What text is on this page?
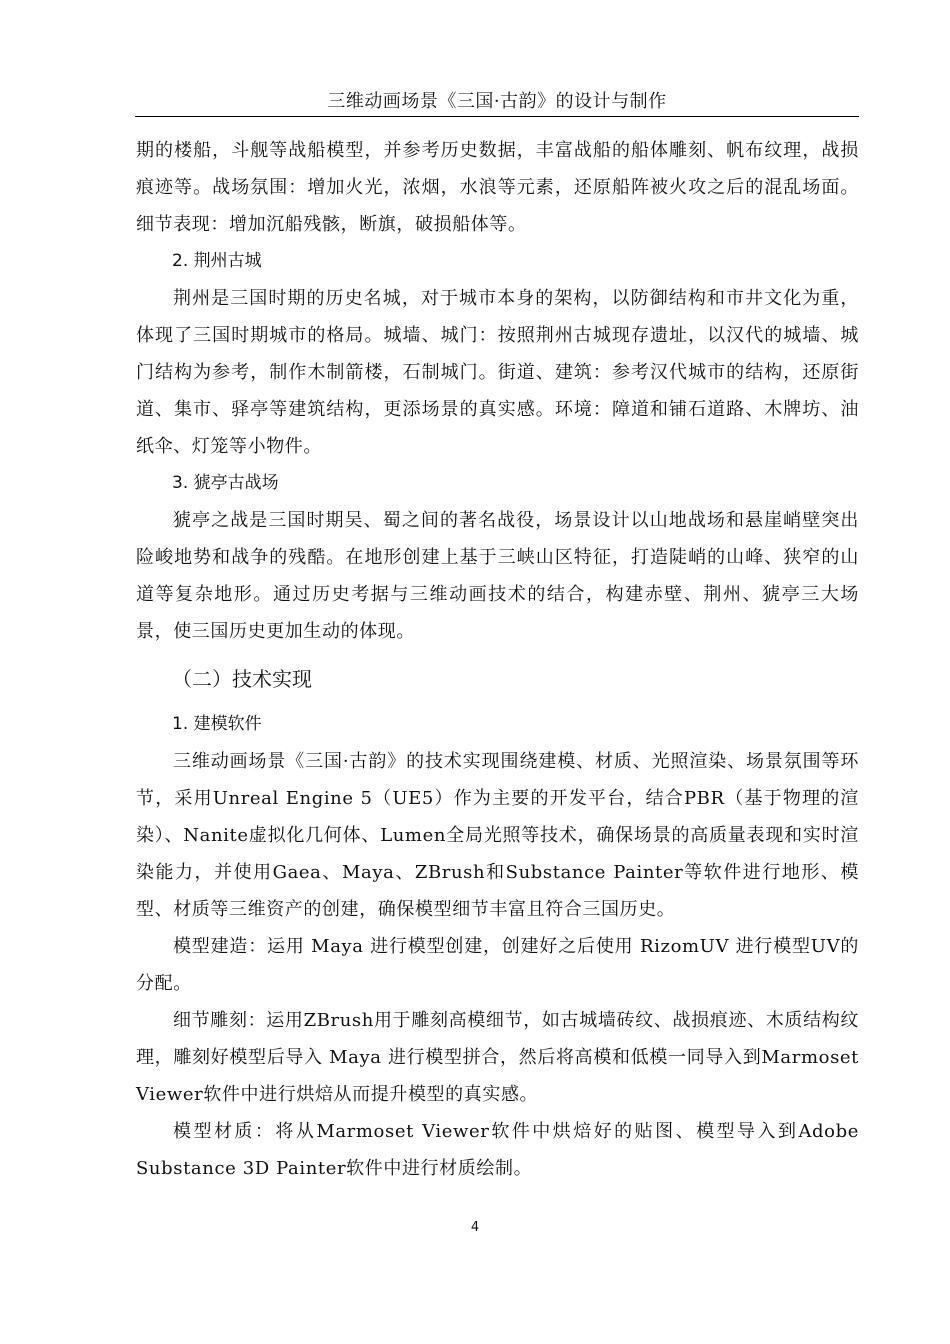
三维动画场景《三国·古韵》的设计与制作

期的楼船，斗舰等战船模型，并参考历史数据，丰富战船的船体雕刻、帆布纹理，战损痕迹等。战场氛围：增加火光，浓烟，水浪等元素，还原船阵被火攻之后的混乱场面。细节表现：增加沉船残骸，断旗，破损船体等。

2. 荆州古城

荆州是三国时期的历史名城，对于城市本身的架构，以防御结构和市井文化为重，体现了三国时期城市的格局。城墙、城门：按照荆州古城现存遗址，以汉代的城墙、城门结构为参考，制作木制箭楼，石制城门。街道、建筑：参考汉代城市的结构，还原街道、集市、驿亭等建筑结构，更添场景的真实感。环境：障道和铺石道路、木牌坊、油纸伞、灯笼等小物件。

3. 猇亭古战场

猇亭之战是三国时期吴、蜀之间的著名战役，场景设计以山地战场和悬崖峭壁突出险峻地势和战争的残酷。在地形创建上基于三峡山区特征，打造陡峭的山峰、狭窄的山道等复杂地形。通过历史考据与三维动画技术的结合，构建赤壁、荆州、猇亭三大场景，使三国历史更加生动的体现。

（二）技术实现
1. 建模软件

三维动画场景《三国·古韵》的技术实现围绕建模、材质、光照渲染、场景氛围等环节，采用Unreal Engine 5（UE5）作为主要的开发平台，结合PBR（基于物理的渲染）、Nanite虚拟化几何体、Lumen全局光照等技术，确保场景的高质量表现和实时渲染能力，并使用Gaea、Maya、ZBrush和Substance Painter等软件进行地形、模型、材质等三维资产的创建，确保模型细节丰富且符合三国历史。

模型建造：运用 Maya 进行模型创建，创建好之后使用 RizomUV 进行模型UV的分配。

细节雕刻：运用ZBrush用于雕刻高模细节，如古城墙砖纹、战损痕迹、木质结构纹理，雕刻好模型后导入 Maya 进行模型拼合，然后将高模和低模一同导入到Marmoset Viewer软件中进行烘焙从而提升模型的真实感。

模型材质：将从Marmoset Viewer软件中烘焙好的贴图、模型导入到Adobe Substance 3D Painter软件中进行材质绘制。

4
